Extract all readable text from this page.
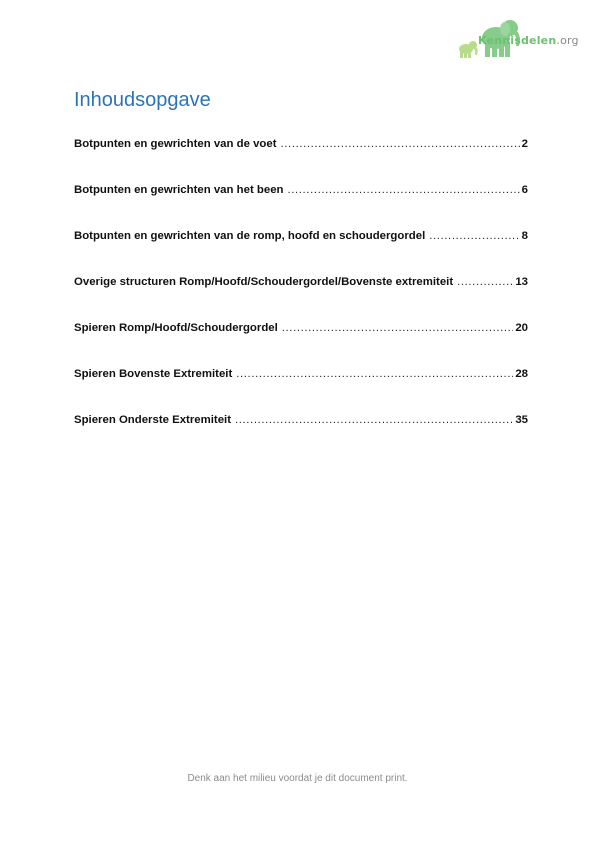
Kennisdelen.org
Inhoudsopgave
Botpunten en gewrichten van de voet .....	2
Botpunten en gewrichten van het been .....	6
Botpunten en gewrichten van de romp, hoofd en schoudergordel .....	8
Overige structuren Romp/Hoofd/Schoudergordel/Bovenste extremiteit .....	13
Spieren Romp/Hoofd/Schoudergordel .....	20
Spieren Bovenste Extremiteit .....	28
Spieren Onderste Extremiteit .....	35
Denk aan het milieu voordat je dit document print.
